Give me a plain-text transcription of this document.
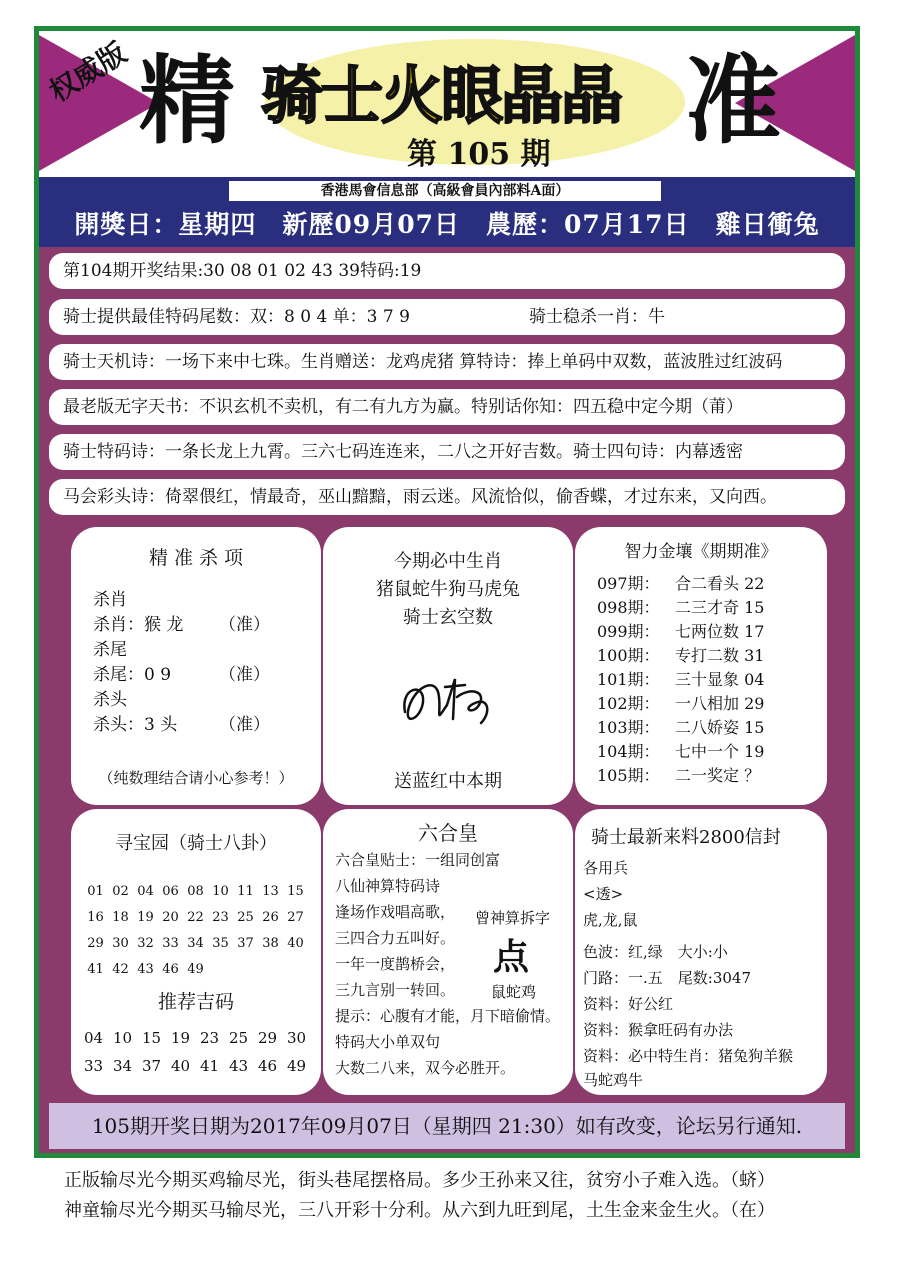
权威版 精	准
骑士火眼晶晶
第 105 期
香港馬會信息部（高級會員內部料A面）
開獎日：星期四　新歷09月07日　農歷：07月17日　雞日衝兔
第104期开奖结果:30 08 01 02 43 39特码:19
骑士提供最佳特码尾数：双：8 0 4 单：3 7 9	骑士稳杀一肖：牛
骑士天机诗：一场下来中七珠。生肖赠送：龙鸡虎猪 算特诗：捧上单码中双数，蓝波胜过红波码
最老版无字天书：不识玄机不卖机，有二有九方为赢。特别话你知：四五稳中定今期（莆）
骑士特码诗：一条长龙上九霄。三六七码连连来，二八之开好吉数。骑士四句诗：内幕透密
马会彩头诗：倚翠偎红，情最奇，巫山黯黯，雨云迷。风流恰似，偷香蝶，才过东来，又向西。
精 准 杀 项
杀肖
杀肖：猴 龙 （准）
杀尾
杀尾：0 9	（准）
杀头
杀头：3 头 （准）
（纯数理结合请小心参考！）
今期必中生肖
猪鼠蛇牛狗马虎兔
骑士玄空数
送蓝红中本期
智力金壤《期期准》
097期： 合二看头 22
098期： 二三才奇 15
099期： 七两位数 17
100期： 专打二数 31
101期： 三十显象 04
102期： 一八相加 29
103期： 二八娇姿 15
104期： 七中一个 19
105期： 二一奖定 ？
寻宝园（骑士八卦）
01 02 04 06 08 10 11 13 15
16 18 19 20 22 23 25 26 27
29 30 32 33 34 35 37 38 40
41 42 43 46 49
推荐吉码
04 10 15 19 23 25 29 30
33 34 37 40 41 43 46 49
六合皇
六合皇贴士：一组同创富
八仙神算特码诗
逢场作戏唱高歌，
三四合力五叫好。
一年一度鹊桥会，
三九言别一转回。
提示：心腹有才能，月下暗偷情。
特码大小单双句
大数二八来，双今必胜开。
曾神算拆字
点
鼠蛇鸡
骑士最新来料2800信封
各用兵
<透>
虎,龙,鼠
色波：红,绿　大小:小
门路：一.五　尾数:3047
资料：好公红
资料：猴拿旺码有办法
资料：必中特生肖：猪兔狗羊猴
马蛇鸡牛
105期开奖日期为2017年09月07日（星期四 21:30）如有改变，论坛另行通知.
正版输尽光今期买鸡输尽光，街头巷尾摆格局。多少王孙来又往，贫穷小子难入选。（蛴）
神童输尽光今期买马输尽光，三八开彩十分利。从六到九旺到尾，土生金来金生火。（在）
